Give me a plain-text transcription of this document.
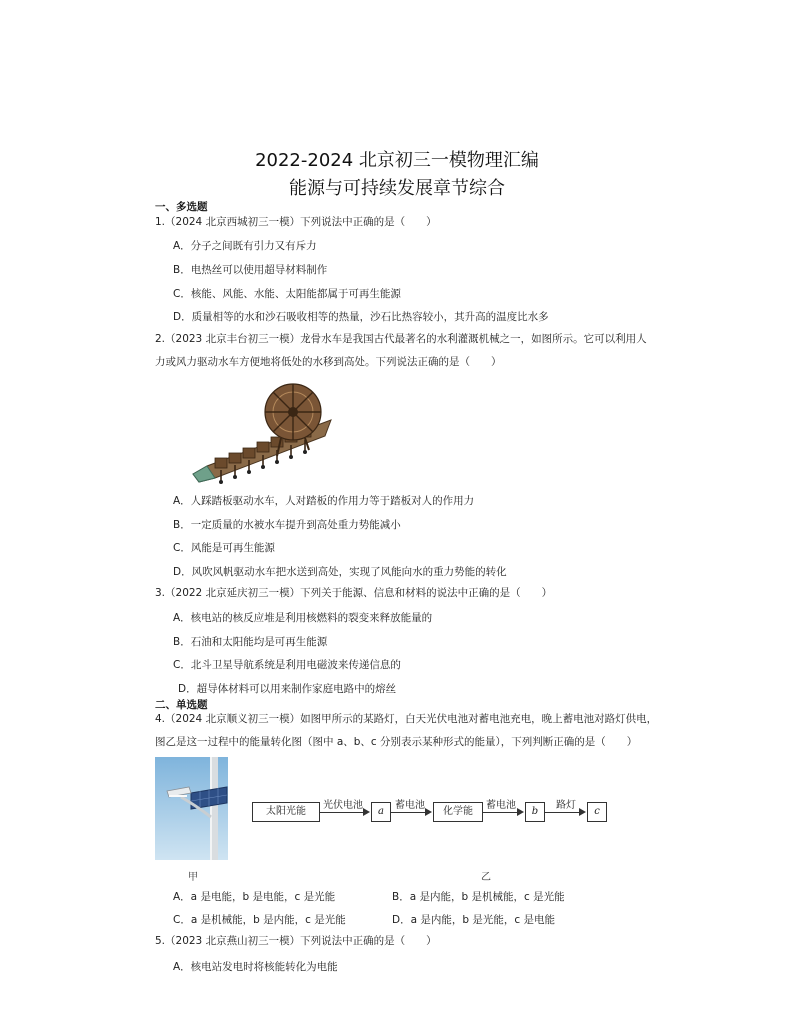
2022-2024 北京初三一模物理汇编
能源与可持续发展章节综合
一、多选题
1.（2024 北京西城初三一模）下列说法中正确的是（　　）
A．分子之间既有引力又有斥力
B．电热丝可以使用超导材料制作
C．核能、风能、水能、太阳能都属于可再生能源
D．质量相等的水和沙石吸收相等的热量，沙石比热容较小，其升高的温度比水多
2.（2023 北京丰台初三一模）龙骨水车是我国古代最著名的水利灌溉机械之一，如图所示。它可以利用人
力或风力驱动水车方便地将低处的水移到高处。下列说法正确的是（　　）
A．人踩踏板驱动水车，人对踏板的作用力等于踏板对人的作用力
B．一定质量的水被水车提升到高处重力势能减小
C．风能是可再生能源
D．风吹风帆驱动水车把水送到高处，实现了风能向水的重力势能的转化
3.（2022 北京延庆初三一模）下列关于能源、信息和材料的说法中正确的是（　　）
A．核电站的核反应堆是利用核燃料的裂变来释放能量的
B．石油和太阳能均是可再生能源
C．北斗卫星导航系统是利用电磁波来传递信息的
D．超导体材料可以用来制作家庭电路中的熔丝
二、单选题
4.（2024 北京顺义初三一模）如图甲所示的某路灯，白天光伏电池对蓄电池充电，晚上蓄电池对路灯供电，
图乙是这一过程中的能量转化图（图中 a、b、c 分别表示某种形式的能量），下列判断正确的是（　　）
甲	乙
太阳光能
光伏电池
a
蓄电池
化学能
蓄电池
b
路灯
c
A．a 是电能，b 是电能，c 是光能	B．a 是内能，b 是机械能，c 是光能
C．a 是机械能，b 是内能，c 是光能	D．a 是内能，b 是光能，c 是电能
5.（2023 北京燕山初三一模）下列说法中正确的是（　　）
A．核电站发电时将核能转化为电能
